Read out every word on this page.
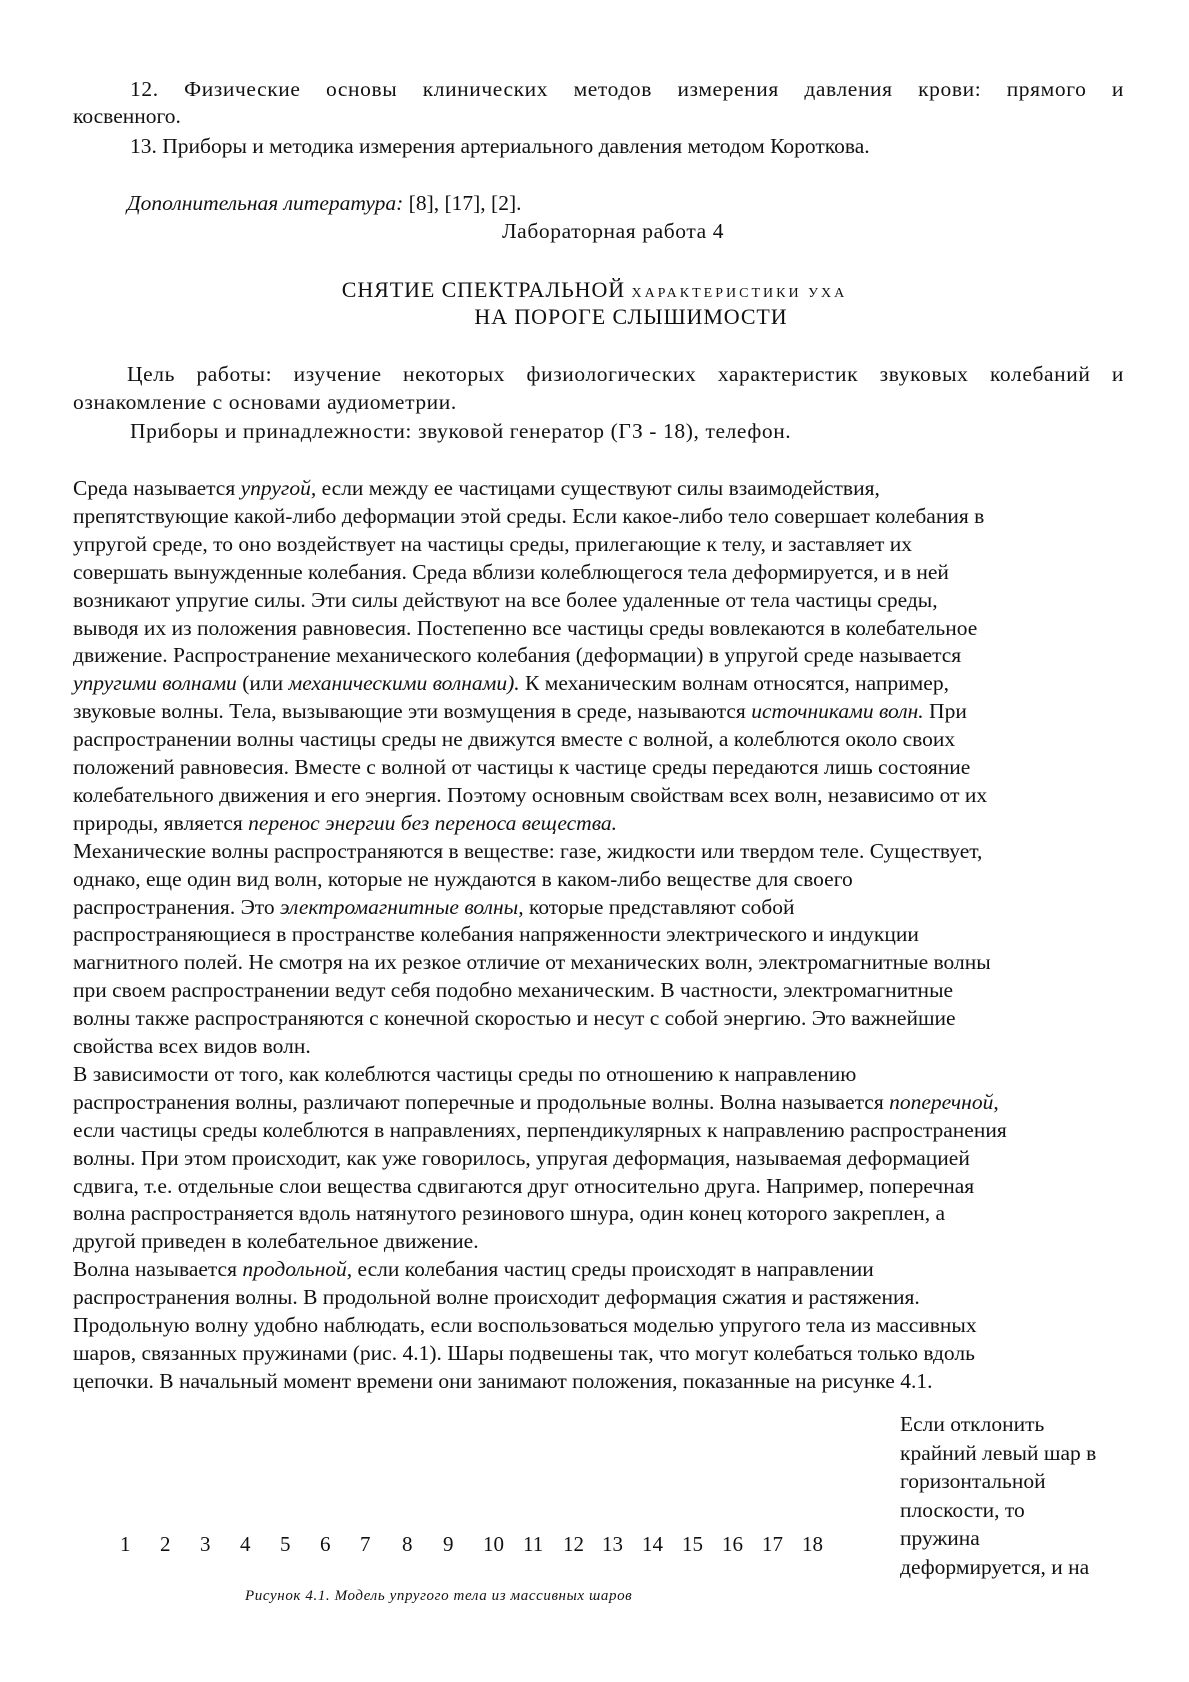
12. Физические основы клинических методов измерения давления крови: прямого и

косвенного.

13. Приборы и методика измерения артериального давления методом Короткова.

Дополнительная литература: [8], [17], [2].

Лабораторная работа 4

СНЯТИЕ СПЕКТРАЛЬНОЙ ХАРАКТЕРИСТИКИ УХА

НА ПОРОГЕ СЛЫШИМОСТИ

Цель работы: изучение некоторых физиологических характеристик звуковых колебаний и

ознакомление с основами аудиометрии.

Приборы и принадлежности: звуковой генератор (ГЗ - 18), телефон.

Среда называется упругой, если между ее частицами существуют силы взаимодействия,
препятствующие какой-либо деформации этой среды. Если какое-либо тело совершает колебания в
упругой среде, то оно воздействует на частицы среды, прилегающие к телу, и заставляет их
совершать вынужденные колебания. Среда вблизи колеблющегося тела деформируется, и в ней
возникают упругие силы. Эти силы действуют на все более удаленные от тела частицы среды,
выводя их из положения равновесия. Постепенно все частицы среды вовлекаются в колебательное
движение. Распространение механического колебания (деформации) в упругой среде называется
упругими волнами (или механическими волнами). К механическим волнам относятся, например,
звуковые волны. Тела, вызывающие эти возмущения в среде, называются источниками волн. При
распространении волны частицы среды не движутся вместе с волной, а колеблются около своих
положений равновесия. Вместе с волной от частицы к частице среды передаются лишь состояние
колебательного движения и его энергия. Поэтому основным свойствам всех волн, независимо от их
природы, является перенос энергии без переноса вещества.
Механические волны распространяются в веществе: газе, жидкости или твердом теле. Существует,
однако, еще один вид волн, которые не нуждаются в каком-либо веществе для своего
распространения. Это электромагнитные волны, которые представляют собой
распространяющиеся в пространстве колебания напряженности электрического и индукции
магнитного полей. Не смотря на их резкое отличие от механических волн, электромагнитные волны
при своем распространении ведут себя подобно механическим. В частности, электромагнитные
волны также распространяются с конечной скоростью и несут с собой энергию. Это важнейшие
свойства всех видов волн.
В зависимости от того, как колеблются частицы среды по отношению к направлению
распространения волны, различают поперечные и продольные волны. Волна называется поперечной,
если частицы среды колеблются в направлениях, перпендикулярных к направлению распространения
волны. При этом происходит, как уже говорилось, упругая деформация, называемая деформацией
сдвига, т.е. отдельные слои вещества сдвигаются друг относительно друга. Например, поперечная
волна распространяется вдоль натянутого резинового шнура, один конец которого закреплен, а
другой приведен в колебательное движение.
Волна называется продольной, если колебания частиц среды происходят в направлении
распространения волны. В продольной волне происходит деформация сжатия и растяжения.
Продольную волну удобно наблюдать, если воспользоваться моделью упругого тела из массивных
шаров, связанных пружинами (рис. 4.1). Шары подвешены так, что могут колебаться только вдоль
цепочки. В начальный момент времени они занимают положения, показанные на рисунке 4.1.
Если отклонить
крайний левый шар в
горизонтальной
плоскости, то
пружина
деформируется, и на
1 2 3 4 5 6 7 8 9 10 11 12 13 14 15 16 17 18

Рисунок 4.1. Модель упругого тела из массивных шаров
